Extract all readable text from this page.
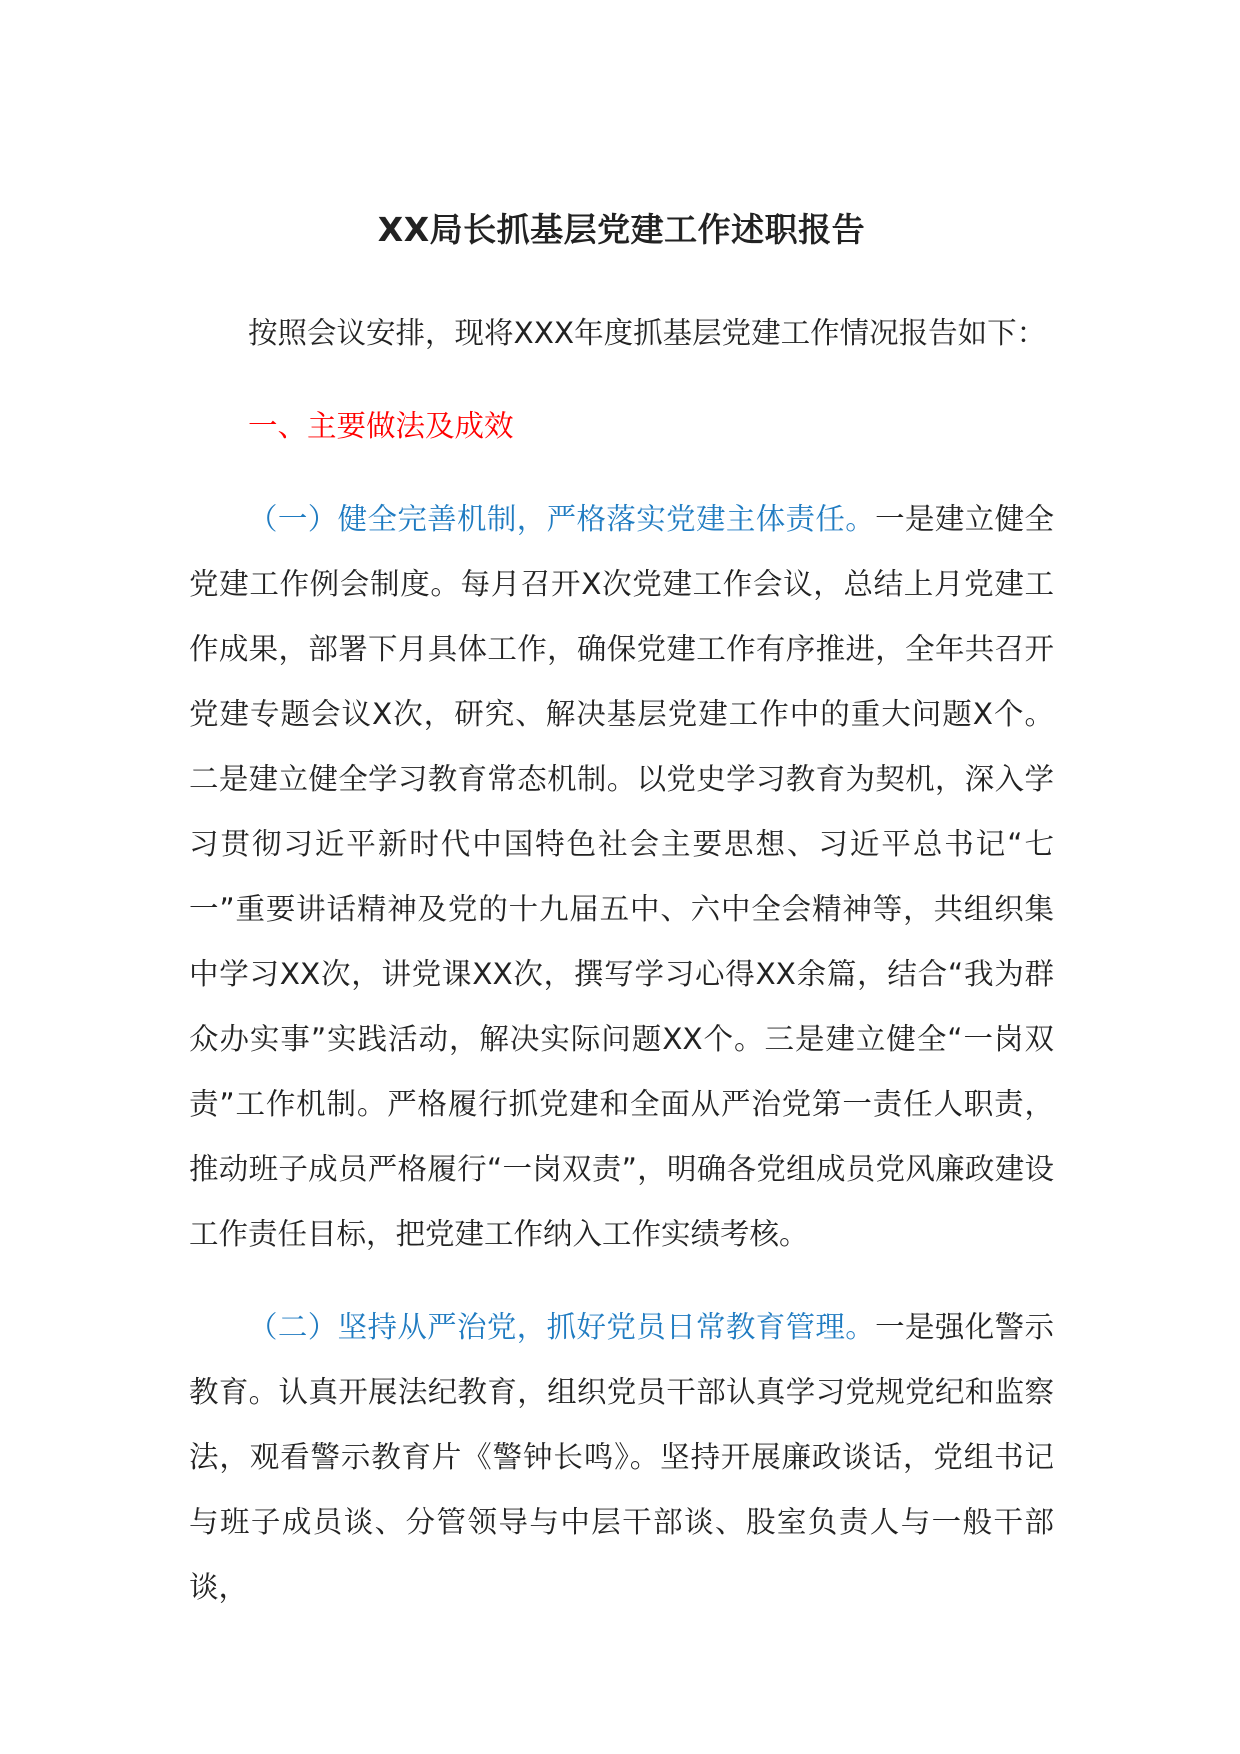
XX局长抓基层党建工作述职报告

按照会议安排，现将XXX年度抓基层党建工作情况报告如下：

一、主要做法及成效

（一）健全完善机制，严格落实党建主体责任。一是建立健全党建工作例会制度。每月召开X次党建工作会议，总结上月党建工作成果，部署下月具体工作，确保党建工作有序推进，全年共召开党建专题会议X次，研究、解决基层党建工作中的重大问题X个。二是建立健全学习教育常态机制。以党史学习教育为契机，深入学习贯彻习近平新时代中国特色社会主要思想、习近平总书记“七一”重要讲话精神及党的十九届五中、六中全会精神等，共组织集中学习XX次，讲党课XX次，撰写学习心得XX余篇，结合“我为群众办实事”实践活动，解决实际问题XX个。三是建立健全“一岗双责”工作机制。严格履行抓党建和全面从严治党第一责任人职责，推动班子成员严格履行“一岗双责”，明确各党组成员党风廉政建设工作责任目标，把党建工作纳入工作实绩考核。

（二）坚持从严治党，抓好党员日常教育管理。一是强化警示教育。认真开展法纪教育，组织党员干部认真学习党规党纪和监察法，观看警示教育片《警钟长鸣》。坚持开展廉政谈话，党组书记与班子成员谈、分管领导与中层干部谈、股室负责人与一般干部谈，
